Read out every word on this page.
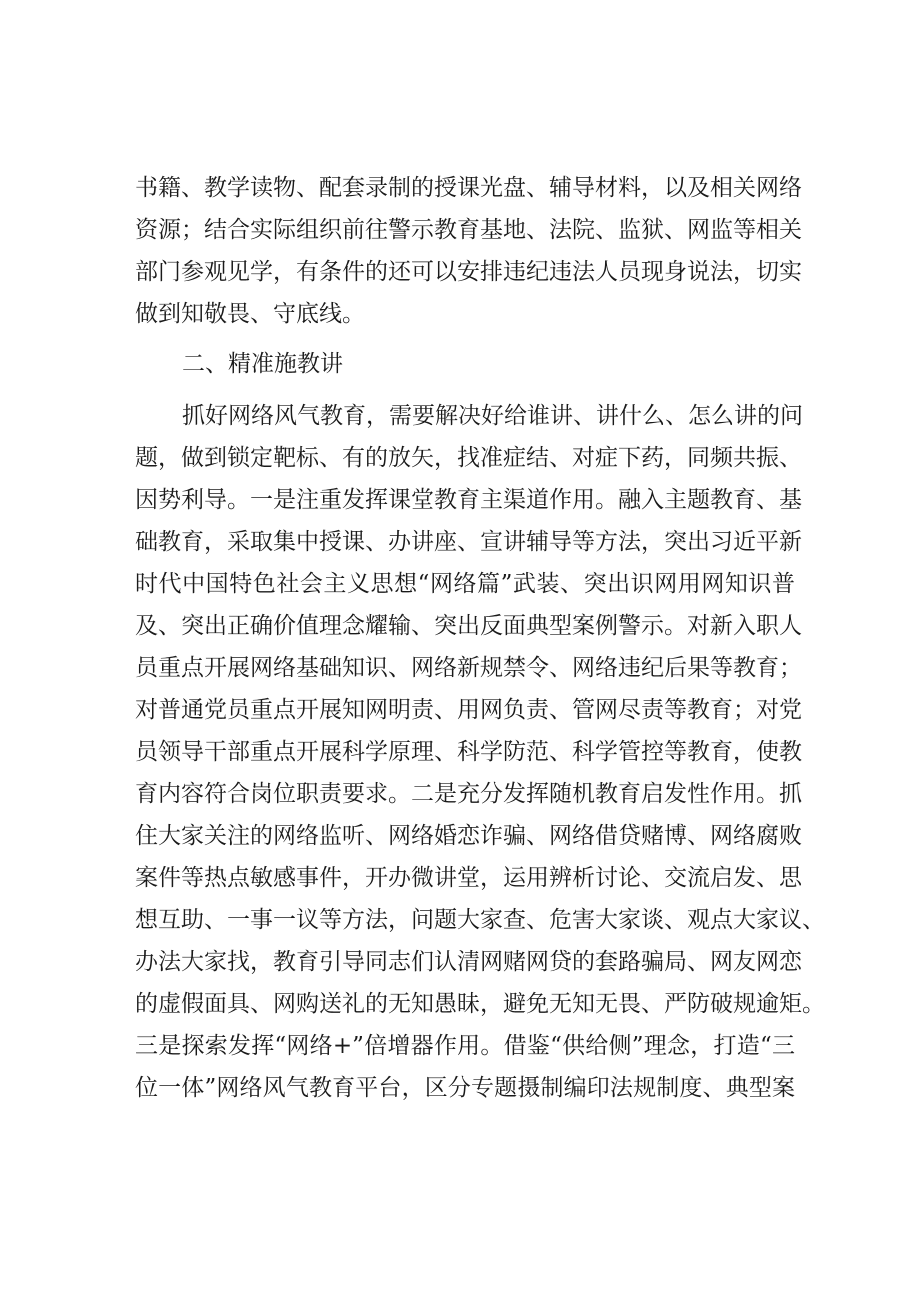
书籍、教学读物、配套录制的授课光盘、辅导材料，以及相关网络
资源；结合实际组织前往警示教育基地、法院、监狱、网监等相关
部门参观见学，有条件的还可以安排违纪违法人员现身说法，切实
做到知敬畏、守底线。
二、精准施教讲
抓好网络风气教育，需要解决好给谁讲、讲什么、怎么讲的问
题，做到锁定靶标、有的放矢，找准症结、对症下药，同频共振、
因势利导。一是注重发挥课堂教育主渠道作用。融入主题教育、基
础教育，采取集中授课、办讲座、宣讲辅导等方法，突出习近平新
时代中国特色社会主义思想“网络篇”武装、突出识网用网知识普
及、突出正确价值理念耀输、突出反面典型案例警示。对新入职人
员重点开展网络基础知识、网络新规禁令、网络违纪后果等教育；
对普通党员重点开展知网明责、用网负责、管网尽责等教育；对党
员领导干部重点开展科学原理、科学防范、科学管控等教育，使教
育内容符合岗位职责要求。二是充分发挥随机教育启发性作用。抓
住大家关注的网络监听、网络婚恋诈骗、网络借贷赌博、网络腐败
案件等热点敏感事件，开办微讲堂，运用辨析讨论、交流启发、思
想互助、一事一议等方法，问题大家查、危害大家谈、观点大家议、
办法大家找，教育引导同志们认清网赌网贷的套路骗局、网友网恋
的虚假面具、网购送礼的无知愚昧，避免无知无畏、严防破规逾矩。
三是探索发挥“网络+”倍增器作用。借鉴“供给侧”理念，打造“三
位一体”网络风气教育平台，区分专题摄制编印法规制度、典型案
